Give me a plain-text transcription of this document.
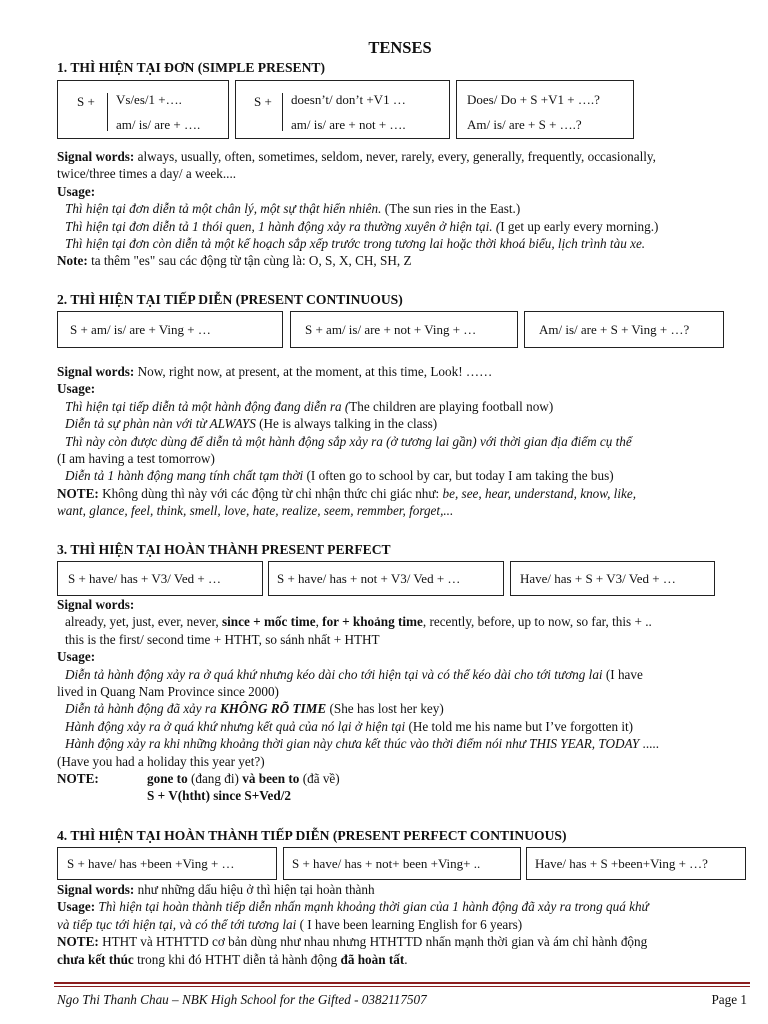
TENSES
1. THÌ HIỆN TẠI ĐƠN (SIMPLE PRESENT)
S + Vs/es/1 +….
am/ is/ are + ….
S + doesn’t/ don’t +V1 …
am/ is/ are + not + ….
Does/ Do + S +V1 + ….?
Am/ is/ are + S + ….?
Signal words: always, usually, often, sometimes, seldom, never, rarely, every, generally, frequently, occasionally,
twice/three times a day/ a week....
Usage:
Thì hiện tại đơn diễn tả một chân lý, một sự thật hiển nhiên. (The sun ries in the East.)
Thì hiện tại đơn diễn tả 1 thói quen, 1 hành động xảy ra thường xuyên ở hiện tại. (I get up early every morning.)
Thì hiện tại đơn còn diễn tả một kế hoạch sắp xếp trước trong tương lai hoặc thời khoá biểu, lịch trình tàu xe.
Note: ta thêm "es" sau các động từ tận cùng là: O, S, X, CH, SH, Z
2. THÌ HIỆN TẠI TIẾP DIỄN (PRESENT CONTINUOUS)
S + am/ is/ are + Ving + …	S + am/ is/ are + not + Ving + …	Am/ is/ are + S + Ving + …?
Signal words: Now, right now, at present, at the moment, at this time, Look! ……
Usage:
Thì hiện tại tiếp diễn tả một hành động đang diễn ra (The children are playing football now)
Diễn tả sự phàn nàn với từ ALWAYS (He is always talking in the class)
Thì này còn được dùng để diễn tả một hành động sắp xảy ra (ở tương lai gần) với thời gian địa điểm cụ thể
(I am having a test tomorrow)
Diễn tả 1 hành động mang tính chất tạm thời (I often go to school by car, but today I am taking the bus)
NOTE: Không dùng thì này với các động từ chỉ nhận thức chi giác như: be, see, hear, understand, know, like,
want, glance, feel, think, smell, love, hate, realize, seem, remmber, forget,...
3. THÌ HIỆN TẠI HOÀN THÀNH PRESENT PERFECT
S + have/ has + V3/ Ved + …	S + have/ has + not + V3/ Ved + …	Have/ has + S + V3/ Ved + …
Signal words:
already, yet, just, ever, never, since + mốc time, for + khoảng time, recently, before, up to now, so far, this + ..
this is the first/ second time + HTHT, so sánh nhất + HTHT
Usage:
Diễn tả hành động xảy ra ở quá khứ nhưng kéo dài cho tới hiện tại và có thể kéo dài cho tới tương lai (I have
lived in Quang Nam Province since 2000)
Diễn tả hành động đã xảy ra KHÔNG RÕ TIME (She has lost her key)
Hành động xảy ra ở quá khứ nhưng kết quả của nó lại ở hiện tại (He told me his name but I’ve forgotten it)
Hành động xảy ra khi những khoảng thời gian này chưa kết thúc vào thời điểm nói như THIS YEAR, TODAY .....
(Have you had a holiday this year yet?)
NOTE:	gone to (đang đi) và been to (đã về)
S + V(htht) since S+Ved/2
4. THÌ HIỆN TẠI HOÀN THÀNH TIẾP DIỄN (PRESENT PERFECT CONTINUOUS)
S + have/ has +been +Ving + …	S + have/ has + not+ been +Ving+ ..	Have/ has + S +been+Ving + …?
Signal words: như những dấu hiệu ở thì hiện tại hoàn thành
Usage: Thì hiện tại hoàn thành tiếp diễn nhấn mạnh khoảng thời gian của 1 hành động đã xảy ra trong quá khứ
và tiếp tục tới hiện tại, và có thể tới tương lai ( I have been learning English for 6 years)
NOTE: HTHT và HTHTTD cơ bản dùng như nhau nhưng HTHTTD nhấn mạnh thời gian và ám chỉ hành động
chưa kết thúc trong khi đó HTHT diễn tả hành động đã hoàn tất.
Ngo Thi Thanh Chau – NBK High School for the Gifted - 0382117507	Page 1
